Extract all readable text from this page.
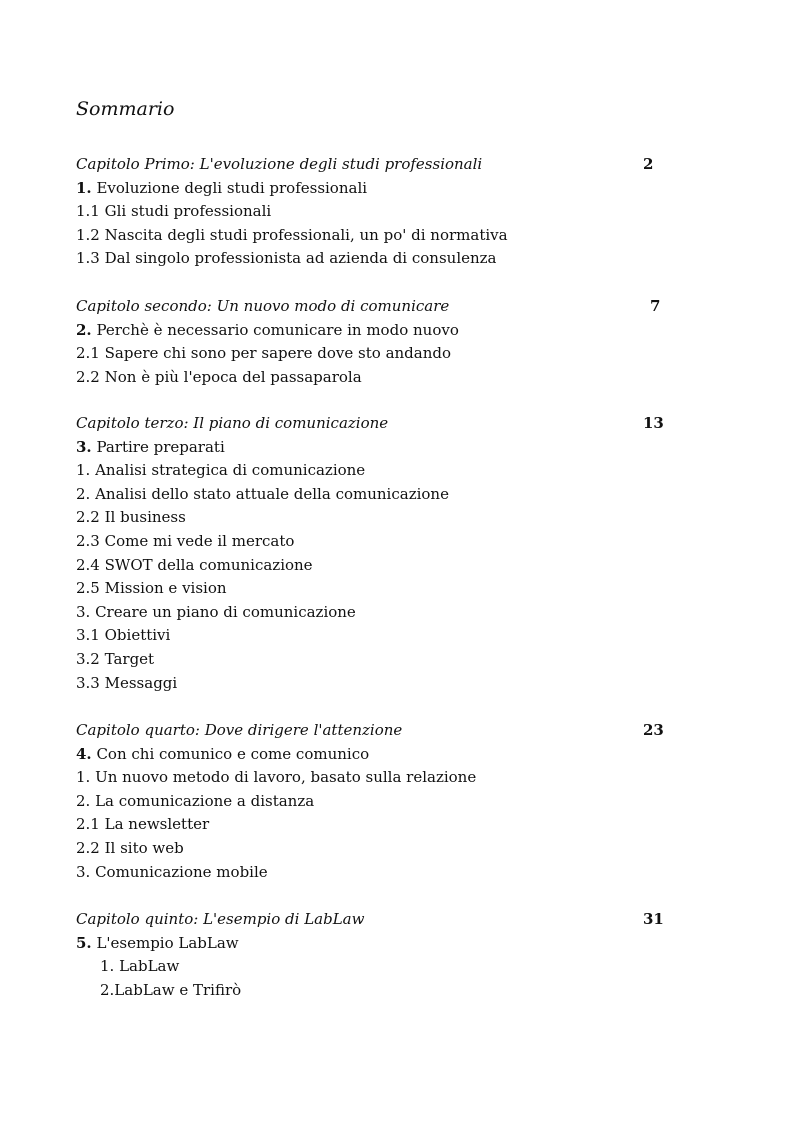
Sommario
Capitolo Primo: L'evoluzione degli studi professionali	2
1. Evoluzione degli studi professionali
1.1 Gli studi professionali
1.2 Nascita degli studi professionali, un po' di normativa
1.3 Dal singolo professionista ad azienda di consulenza
Capitolo secondo: Un nuovo modo di comunicare	7
2. Perchè è necessario comunicare in modo nuovo
2.1 Sapere chi sono per sapere dove sto andando
2.2 Non è più l'epoca del passaparola
Capitolo terzo: Il piano di comunicazione	13
3. Partire preparati
1. Analisi strategica di comunicazione
2. Analisi dello stato attuale della comunicazione
2.2 Il business
2.3 Come mi vede il mercato
2.4 SWOT della comunicazione
2.5 Mission e vision
3. Creare un piano di comunicazione
3.1 Obiettivi
3.2 Target
3.3 Messaggi
Capitolo quarto: Dove dirigere l'attenzione	23
4. Con chi comunico e come comunico
1. Un nuovo metodo di lavoro, basato sulla relazione
2. La comunicazione a distanza
2.1 La newsletter
2.2 Il sito web
3. Comunicazione mobile
Capitolo quinto: L'esempio di LabLaw	31
5. L'esempio LabLaw
1. LabLaw
2.LabLaw e Trifirò
